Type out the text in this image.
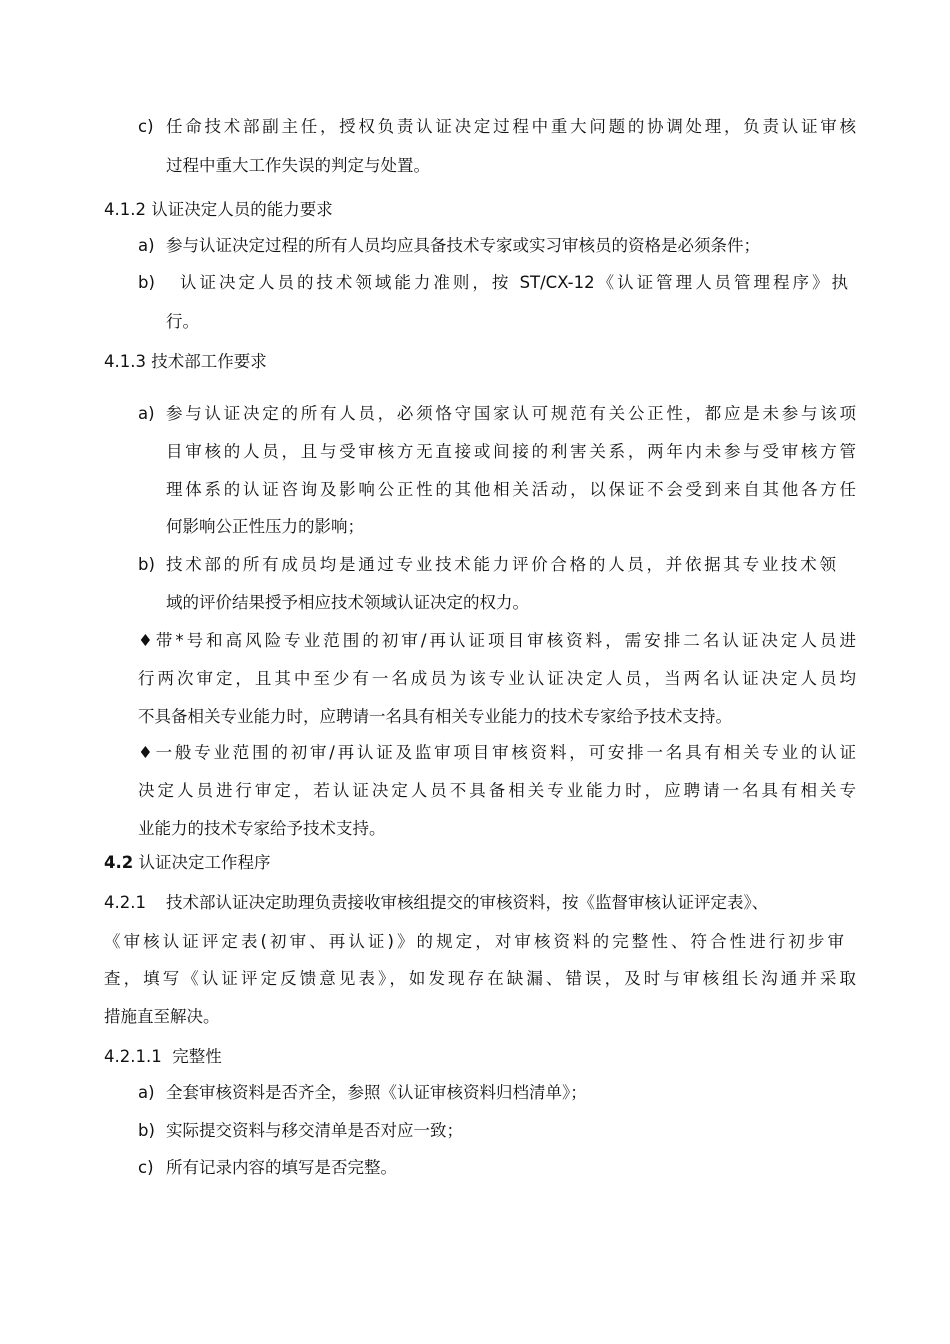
c) 任命技术部副主任，授权负责认证决定过程中重大问题的协调处理，负责认证审核
过程中重大工作失误的判定与处置。
4.1.2 认证决定人员的能力要求
a) 参与认证决定过程的所有人员均应具备技术专家或实习审核员的资格是必须条件；
b) 认证决定人员的技术领域能力准则，按 ST/CX-12《认证管理人员管理程序》执
行。
4.1.3 技术部工作要求
a) 参与认证决定的所有人员，必须恪守国家认可规范有关公正性，都应是未参与该项
目审核的人员，且与受审核方无直接或间接的利害关系，两年内未参与受审核方管
理体系的认证咨询及影响公正性的其他相关活动，以保证不会受到来自其他各方任
何影响公正性压力的影响；
b) 技术部的所有成员均是通过专业技术能力评价合格的人员，并依据其专业技术领
域的评价结果授予相应技术领域认证决定的权力。
♦带*号和高风险专业范围的初审/再认证项目审核资料，需安排二名认证决定人员进
行两次审定，且其中至少有一名成员为该专业认证决定人员，当两名认证决定人员均
不具备相关专业能力时，应聘请一名具有相关专业能力的技术专家给予技术支持。
♦一般专业范围的初审/再认证及监审项目审核资料，可安排一名具有相关专业的认证
决定人员进行审定，若认证决定人员不具备相关专业能力时，应聘请一名具有相关专
业能力的技术专家给予技术支持。
4.2 认证决定工作程序
4.2.1 技术部认证决定助理负责接收审核组提交的审核资料，按《监督审核认证评定表》、
《审核认证评定表(初审、再认证)》的规定，对审核资料的完整性、符合性进行初步审
查，填写《认证评定反馈意见表》，如发现存在缺漏、错误，及时与审核组长沟通并采取
措施直至解决。
4.2.1.1 完整性
a) 全套审核资料是否齐全，参照《认证审核资料归档清单》；
b) 实际提交资料与移交清单是否对应一致；
c) 所有记录内容的填写是否完整。
